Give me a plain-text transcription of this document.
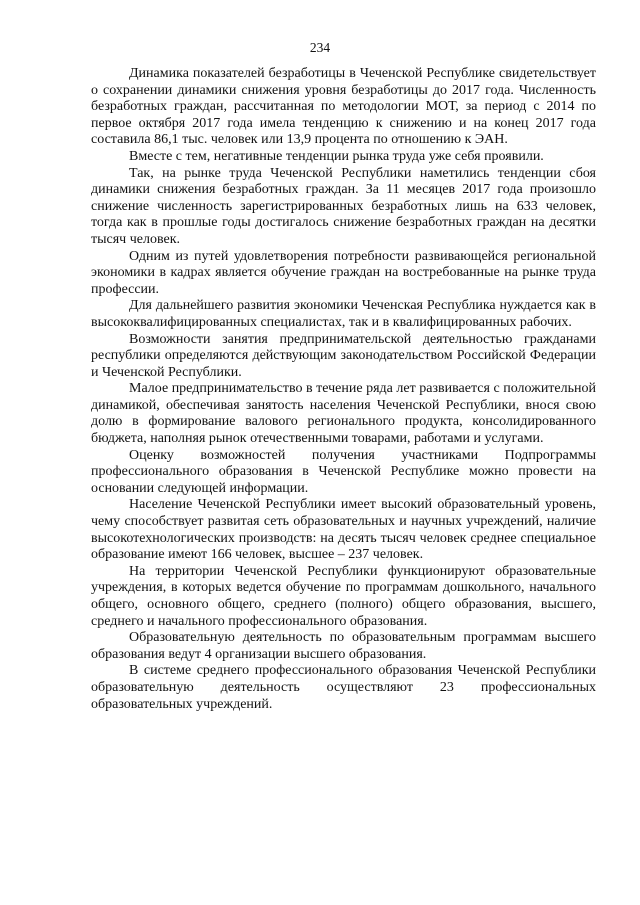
234

Динамика показателей безработицы в Чеченской Республике свидетельствует о сохранении динамики снижения уровня безработицы до 2017 года. Численность безработных граждан, рассчитанная по методологии МОТ, за период с 2014 по первое октября 2017 года имела тенденцию к снижению и на конец 2017 года составила 86,1 тыс. человек или 13,9 процента по отношению к ЭАН.

Вместе с тем, негативные тенденции рынка труда уже себя проявили.

Так, на рынке труда Чеченской Республики наметились тенденции сбоя динамики снижения безработных граждан. За 11 месяцев 2017 года произошло снижение численность зарегистрированных безработных лишь на 633 человек, тогда как в прошлые годы достигалось снижение безработных граждан на десятки тысяч человек.

Одним из путей удовлетворения потребности развивающейся региональной экономики в кадрах является обучение граждан на востребованные на рынке труда профессии.

Для дальнейшего развития экономики Чеченская Республика нуждается как в высококвалифицированных специалистах, так и в квалифицированных рабочих.

Возможности занятия предпринимательской деятельностью гражданами республики определяются действующим законодательством Российской Федерации и Чеченской Республики.

Малое предпринимательство в течение ряда лет развивается с положительной динамикой, обеспечивая занятость населения Чеченской Республики, внося свою долю в формирование валового регионального продукта, консолидированного бюджета, наполняя рынок отечественными товарами, работами и услугами.

Оценку возможностей получения участниками Подпрограммы профессионального образования в Чеченской Республике можно провести на основании следующей информации.

Население Чеченской Республики имеет высокий образовательный уровень, чему способствует развитая сеть образовательных и научных учреждений, наличие высокотехнологических производств: на десять тысяч человек среднее специальное образование имеют 166 человек, высшее – 237 человек.

На территории Чеченской Республики функционируют образовательные учреждения, в которых ведется обучение по программам дошкольного, начального общего, основного общего, среднего (полного) общего образования, высшего, среднего и начального профессионального образования.

Образовательную деятельность по образовательным программам высшего образования ведут 4 организации высшего образования.

В системе среднего профессионального образования Чеченской Республики образовательную деятельность осуществляют 23 профессиональных образовательных учреждений.
